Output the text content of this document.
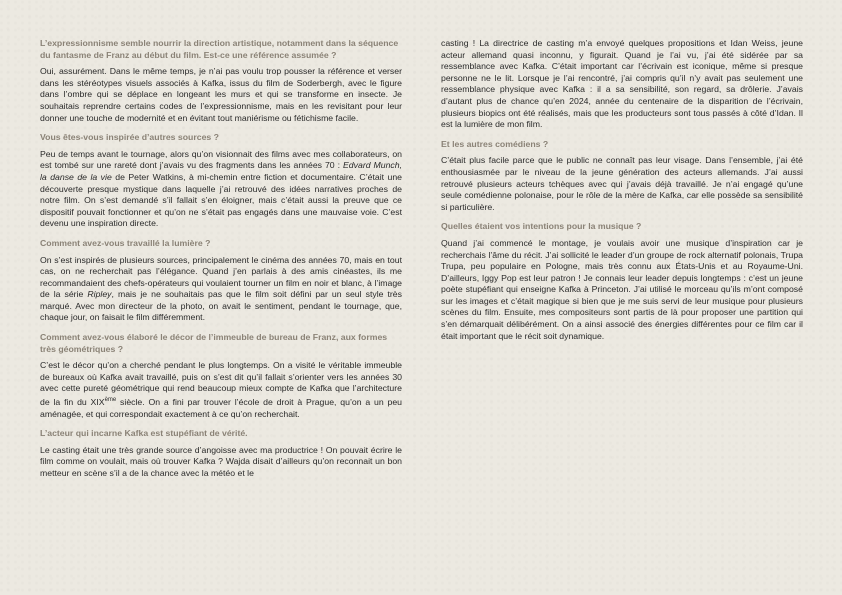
L’expressionnisme semble nourrir la direction artistique, notamment dans la séquence du fantasme de Franz au début du film. Est-ce une référence assumée ?

Oui, assurément. Dans le même temps, je n’ai pas voulu trop pousser la référence et verser dans les stéréotypes visuels associés à Kafka, issus du film de Soderbergh, avec le figure dans l’ombre qui se déplace en longeant les murs et qui se transforme en insecte. Je souhaitais reprendre certains codes de l’expressionnisme, mais en les revisitant pour leur donner une touche de modernité et en évitant tout maniérisme ou fétichisme facile.

Vous êtes-vous inspirée d’autres sources ?

Peu de temps avant le tournage, alors qu’on visionnait des films avec mes collaborateurs, on est tombé sur une rareté dont j’avais vu des fragments dans les années 70 : Edvard Munch, la danse de la vie de Peter Watkins, à mi-chemin entre fiction et documentaire. C’était une découverte presque mystique dans laquelle j’ai retrouvé des idées narratives proches de notre film. On s’est demandé s’il fallait s’en éloigner, mais c’était aussi la preuve que ce dispositif pouvait fonctionner et qu’on ne s’était pas engagés dans une mauvaise voie. C’est devenu une inspiration directe.

Comment avez-vous travaillé la lumière ?

On s’est inspirés de plusieurs sources, principalement le cinéma des années 70, mais en tout cas, on ne recherchait pas l’élégance. Quand j’en parlais à des amis cinéastes, ils me recommandaient des chefs-opérateurs qui voulaient tourner un film en noir et blanc, à l’image de la série Ripley, mais je ne souhaitais pas que le film soit défini par un seul style très marqué. Avec mon directeur de la photo, on avait le sentiment, pendant le tournage, que, chaque jour, on faisait le film différemment.

Comment avez-vous élaboré le décor de l’immeuble de bureau de Franz, aux formes très géométriques ?

C’est le décor qu’on a cherché pendant le plus longtemps. On a visité le véritable immeuble de bureaux où Kafka avait travaillé, puis on s’est dit qu’il fallait s’orienter vers les années 30 avec cette pureté géométrique qui rend beaucoup mieux compte de Kafka que l’architecture de la fin du XIXème siècle. On a fini par trouver l’école de droit à Prague, qu’on a un peu aménagée, et qui correspondait exactement à ce qu’on recherchait.

L’acteur qui incarne Kafka est stupéfiant de vérité.

Le casting était une très grande source d’angoisse avec ma productrice ! On pouvait écrire le film comme on voulait, mais où trouver Kafka ? Wajda disait d’ailleurs qu’on reconnait un bon metteur en scène s’il a de la chance avec la météo et le

casting ! La directrice de casting m’a envoyé quelques propositions et Idan Weiss, jeune acteur allemand quasi inconnu, y figurait. Quand je l’ai vu, j’ai été sidérée par sa ressemblance avec Kafka. C’était important car l’écrivain est iconique, même si presque personne ne le lit. Lorsque je l’ai rencontré, j’ai compris qu’il n’y avait pas seulement une ressemblance physique avec Kafka : il a sa sensibilité, son regard, sa drôlerie. J’avais d’autant plus de chance qu’en 2024, année du centenaire de la disparition de l’écrivain, plusieurs biopics ont été réalisés, mais que les producteurs sont tous passés à côté d’Idan. Il est la lumière de mon film.

Et les autres comédiens ?

C’était plus facile parce que le public ne connaît pas leur visage. Dans l’ensemble, j’ai été enthousiasmée par le niveau de la jeune génération des acteurs allemands. J’ai aussi retrouvé plusieurs acteurs tchèques avec qui j’avais déjà travaillé. Je n’ai engagé qu’une seule comédienne polonaise, pour le rôle de la mère de Kafka, car elle possède sa sensibilité si particulière.

Quelles étaient vos intentions pour la musique ?

Quand j’ai commencé le montage, je voulais avoir une musique d’inspiration car je recherchais l’âme du récit. J’ai sollicité le leader d’un groupe de rock alternatif polonais, Trupa Trupa, peu populaire en Pologne, mais très connu aux États-Unis et au Royaume-Uni. D’ailleurs, Iggy Pop est leur patron ! Je connais leur leader depuis longtemps : c’est un jeune poète stupéfiant qui enseigne Kafka à Princeton. J’ai utilisé le morceau qu’ils m’ont composé sur les images et c’était magique si bien que je me suis servi de leur musique pour plusieurs scènes du film. Ensuite, mes compositeurs sont partis de là pour proposer une partition qui s’en démarquait délibérément. On a ainsi associé des énergies différentes pour ce film car il était important que le récit soit dynamique.
